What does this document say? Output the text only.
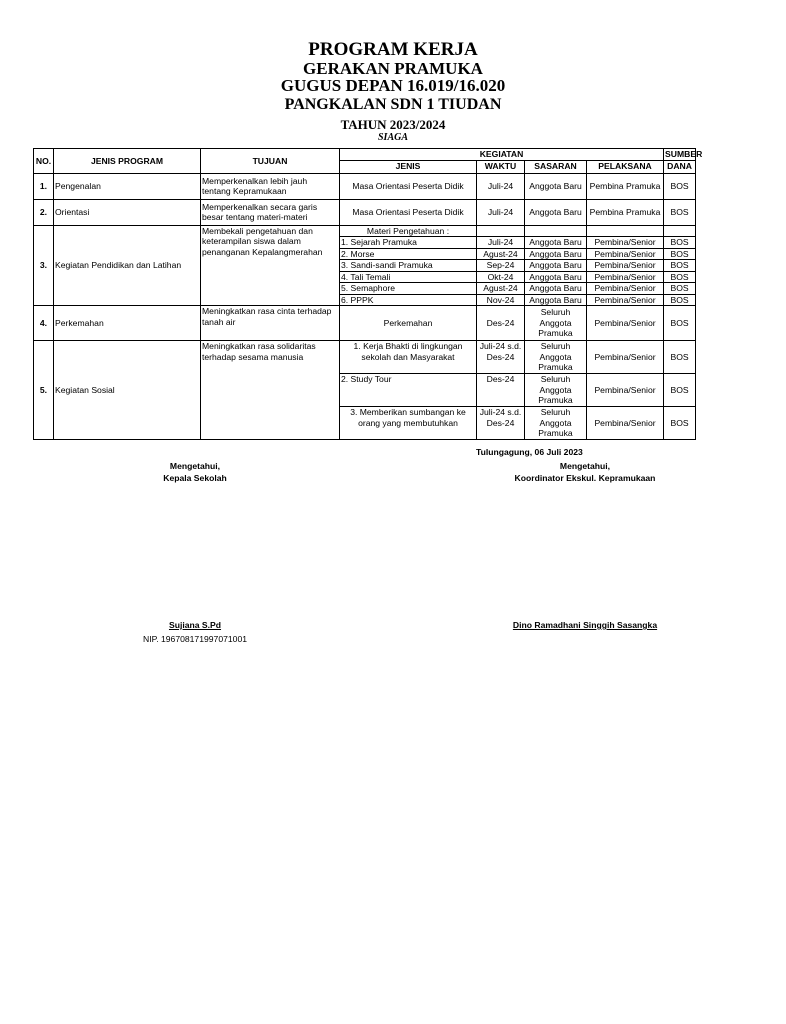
PROGRAM KERJA
GERAKAN PRAMUKA
GUGUS DEPAN 16.019/16.020
PANGKALAN SDN 1 TIUDAN
TAHUN 2023/2024
SIAGA
NO.	JENIS PROGRAM	TUJUAN	KEGIATAN				SUMBER
			JENIS	WAKTU	SASARAN	PELAKSANA	DANA
1.	Pengenalan	Memperkenalkan lebih jauh tentang Kepramukaan	Masa Orientasi Peserta Didik	Juli-24	Anggota Baru	Pembina Pramuka	BOS
2.	Orientasi	Memperkenalkan secara garis besar tentang materi-materi	Masa Orientasi Peserta Didik	Juli-24	Anggota Baru	Pembina Pramuka	BOS
3.	Kegiatan Pendidikan dan Latihan	Membekali pengetahuan dan keterampilan siswa dalam penanganan Kepalangmerahan	Materi Pengetahuan :				
			1. Sejarah Pramuka	Juli-24	Anggota Baru	Pembina/Senior	BOS
			2. Morse	Agust-24	Anggota Baru	Pembina/Senior	BOS
			3. Sandi-sandi Pramuka	Sep-24	Anggota Baru	Pembina/Senior	BOS
			4. Tali Temali	Okt-24	Anggota Baru	Pembina/Senior	BOS
			5. Semaphore	Agust-24	Anggota Baru	Pembina/Senior	BOS
			6. PPPK	Nov-24	Anggota Baru	Pembina/Senior	BOS
4.	Perkemahan	Meningkatkan rasa cinta terhadap tanah air	Perkemahan	Des-24	Seluruh Anggota Pramuka	Pembina/Senior	BOS
5.	Kegiatan Sosial	Meningkatkan rasa solidaritas terhadap sesama manusia	1. Kerja Bhakti di lingkungan sekolah dan Masyarakat	Juli-24 s.d. Des-24	Seluruh Anggota Pramuka	Pembina/Senior	BOS
			2. Study Tour	Des-24	Seluruh Anggota Pramuka	Pembina/Senior	BOS
			3. Memberikan sumbangan ke orang yang membutuhkan	Juli-24 s.d. Des-24	Seluruh Anggota Pramuka	Pembina/Senior	BOS
Tulungagung, 06 Juli 2023
Mengetahui,
Kepala Sekolah
Mengetahui,
Koordinator Ekskul. Kepramukaan
Sujiana S.Pd
NIP. 196708171997071001
Dino Ramadhani Singgih Sasangka
